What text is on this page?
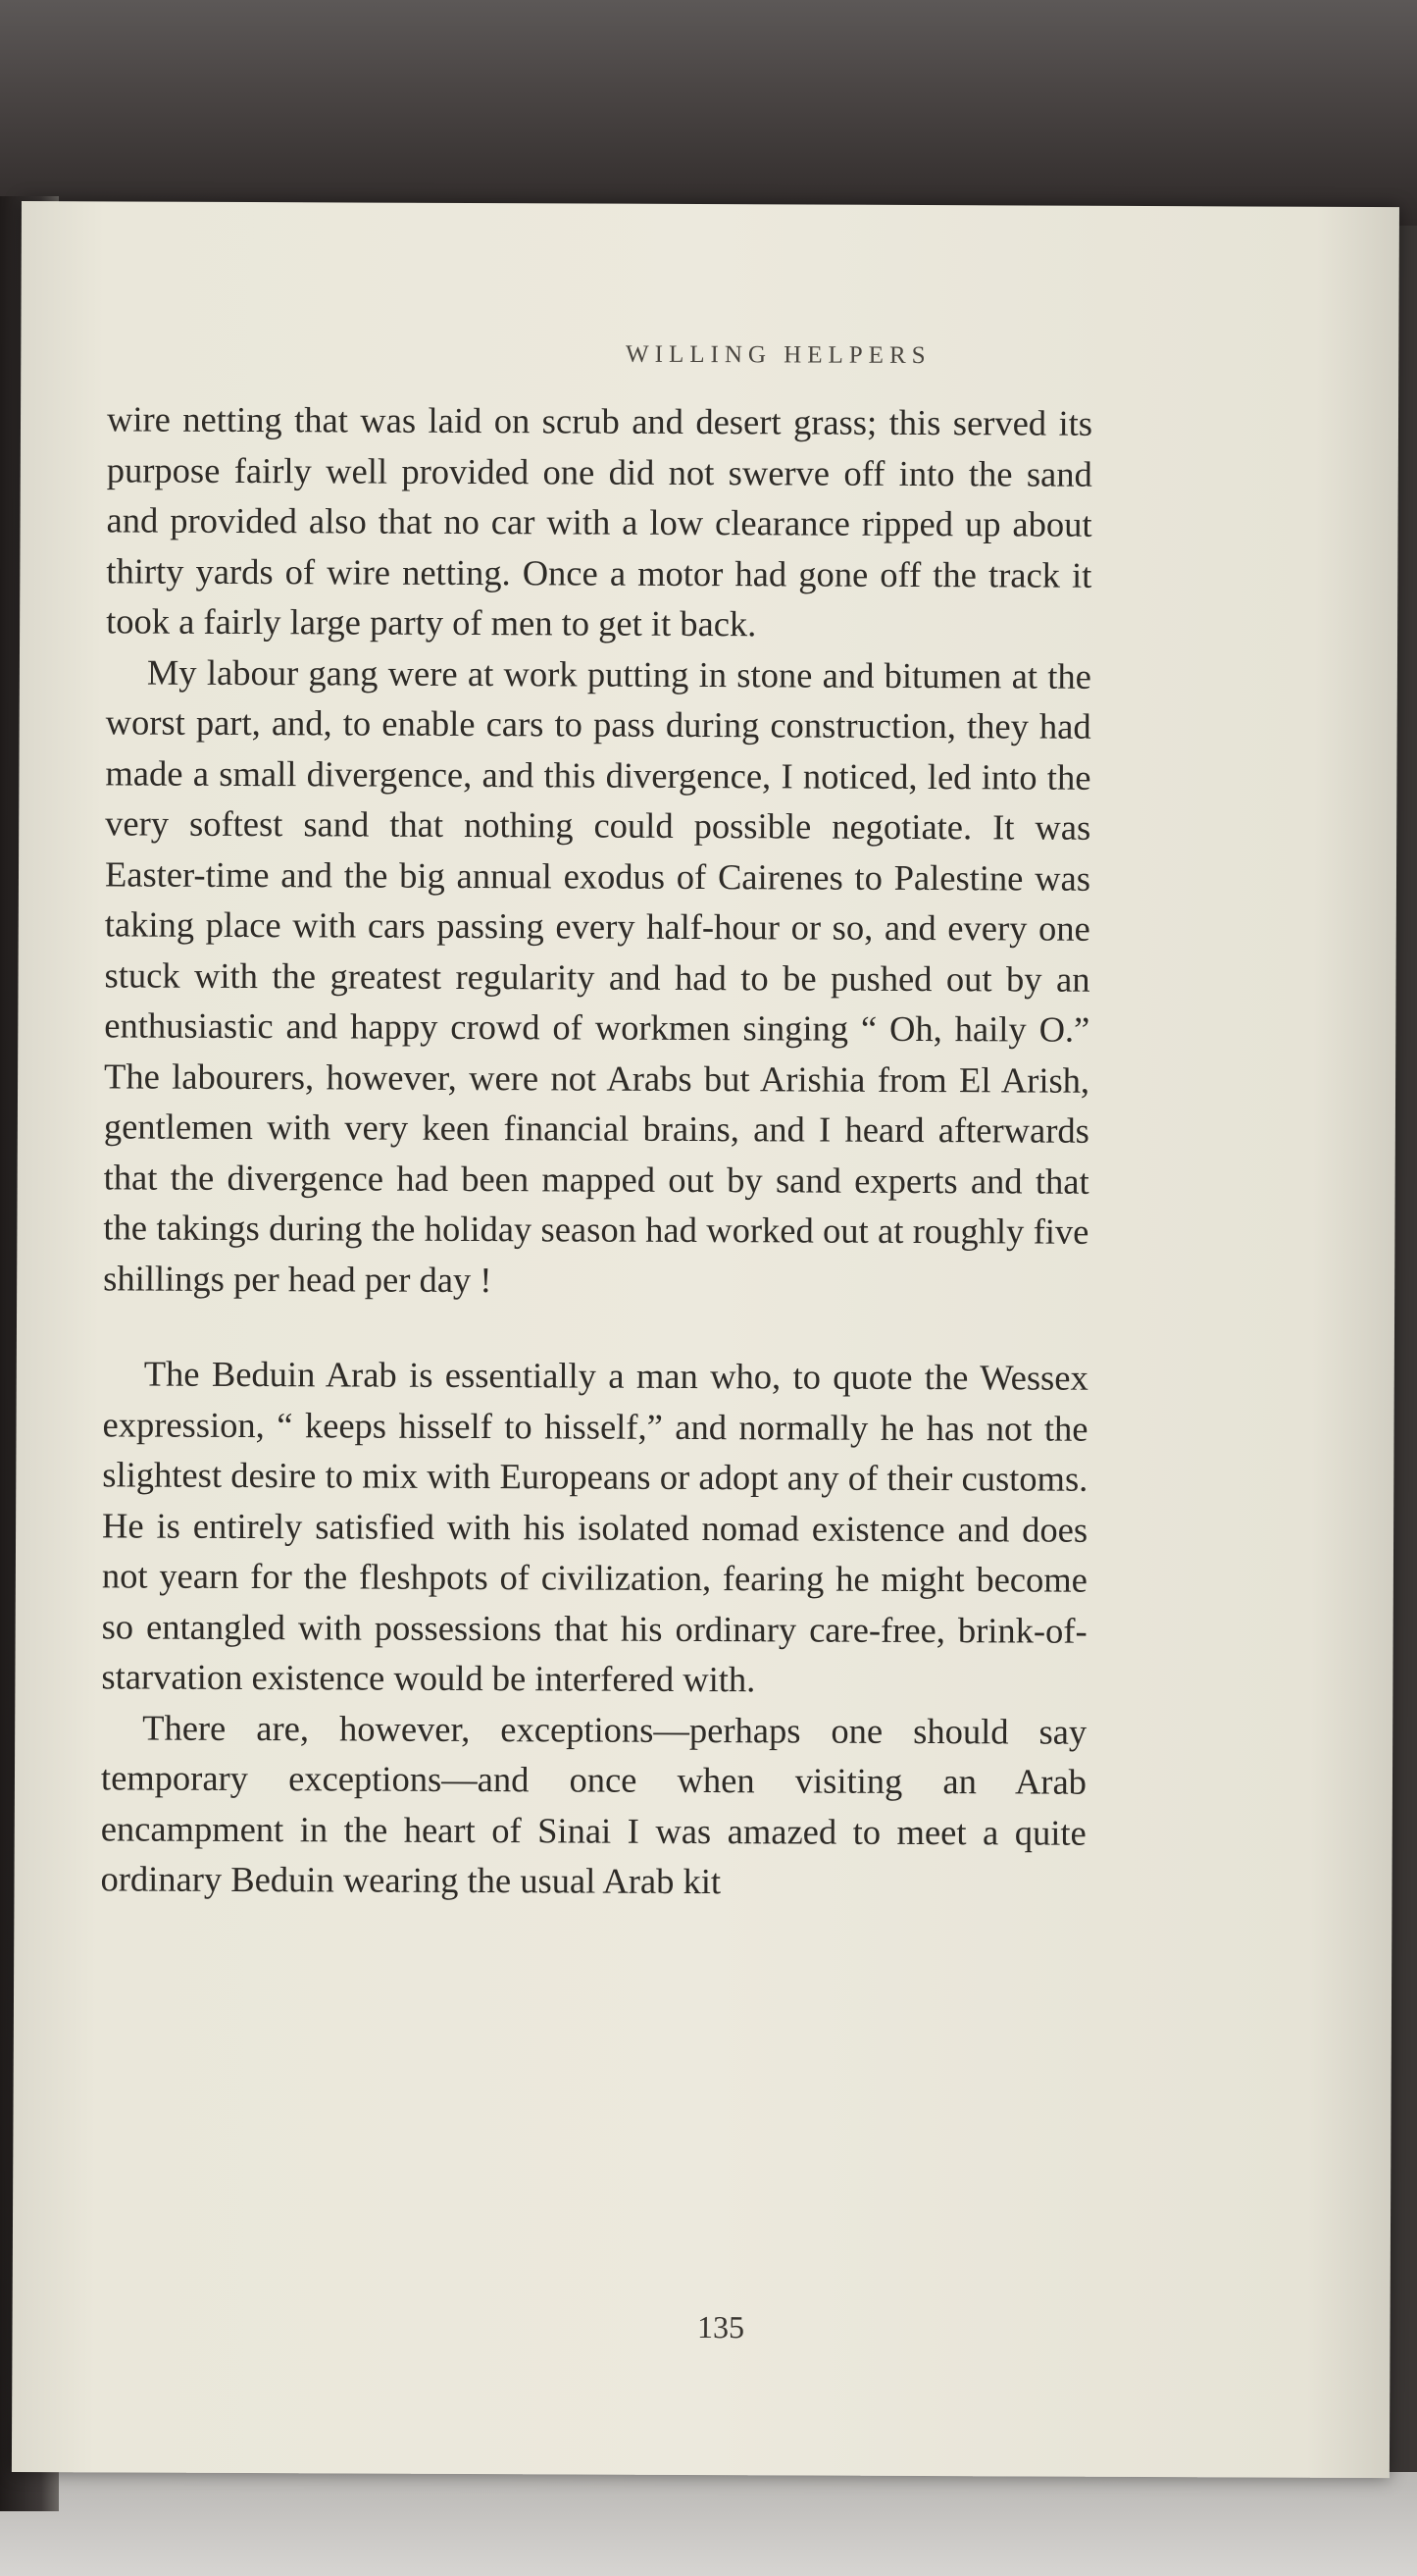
WILLING HELPERS

wire netting that was laid on scrub and desert grass; this served its purpose fairly well provided one did not swerve off into the sand and provided also that no car with a low clearance ripped up about thirty yards of wire netting. Once a motor had gone off the track it took a fairly large party of men to get it back.

My labour gang were at work putting in stone and bitumen at the worst part, and, to enable cars to pass during construction, they had made a small divergence, and this divergence, I noticed, led into the very softest sand that nothing could possible negotiate. It was Easter-time and the big annual exodus of Cairenes to Palestine was taking place with cars passing every half-hour or so, and every one stuck with the greatest regularity and had to be pushed out by an enthusiastic and happy crowd of workmen singing “ Oh, haily O.” The labourers, however, were not Arabs but Arishia from El Arish, gentlemen with very keen financial brains, and I heard afterwards that the divergence had been mapped out by sand experts and that the takings during the holiday season had worked out at roughly five shillings per head per day !

The Beduin Arab is essentially a man who, to quote the Wessex expression, “ keeps hisself to hisself,” and normally he has not the slightest desire to mix with Europeans or adopt any of their customs. He is entirely satisfied with his isolated nomad existence and does not yearn for the fleshpots of civilization, fearing he might become so entangled with possessions that his ordinary care-free, brink-of-starvation existence would be interfered with.

There are, however, exceptions—perhaps one should say temporary exceptions—and once when visiting an Arab encampment in the heart of Sinai I was amazed to meet a quite ordinary Beduin wearing the usual Arab kit

135
